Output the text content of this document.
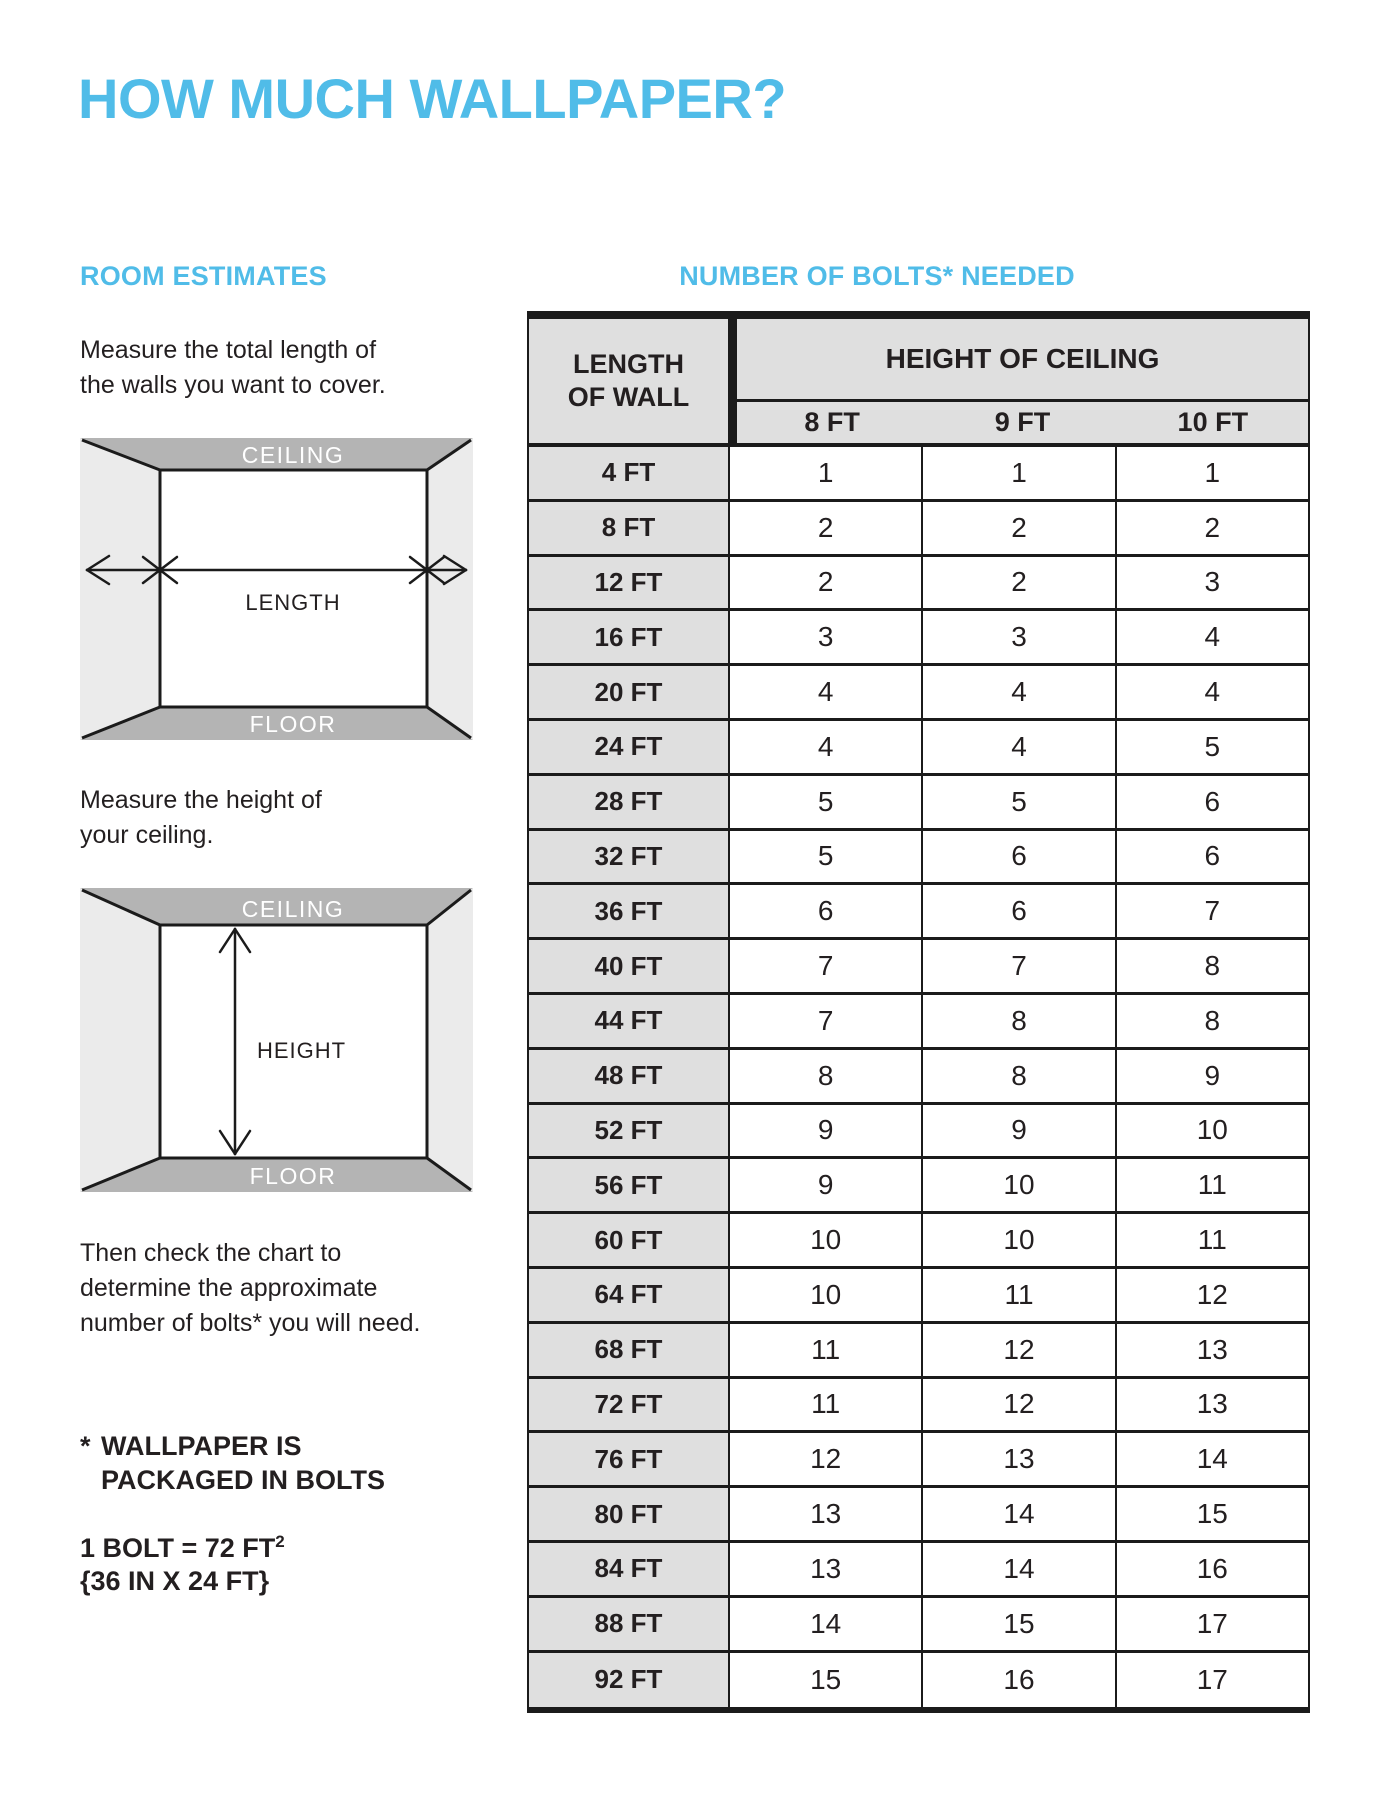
HOW MUCH WALLPAPER?
ROOM ESTIMATES	NUMBER OF BOLTS* NEEDED
Measure the total length of
the walls you want to cover.
CEILING
FLOOR
LENGTH
Measure the height of
your ceiling.
CEILING
FLOOR
HEIGHT
Then check the chart to
determine the approximate
number of bolts* you will need.
* WALLPAPER IS
PACKAGED IN BOLTS
1 BOLT = 72 $FT^2$
{36 IN X 24 FT}
LENGTH
OF WALL
HEIGHT OF CEILING
8 FT	9 FT	10 FT
4 FT	1	1	1
8 FT	2	2	2
12 FT	2	2	3
16 FT	3	3	4
20 FT	4	4	4
24 FT	4	4	5
28 FT	5	5	6
32 FT	5	6	6
36 FT	6	6	7
40 FT	7	7	8
44 FT	7	8	8
48 FT	8	8	9
52 FT	9	9	10
56 FT	9	10	11
60 FT	10	10	11
64 FT	10	11	12
68 FT	11	12	13
72 FT	11	12	13
76 FT	12	13	14
80 FT	13	14	15
84 FT	13	14	16
88 FT	14	15	17
92 FT	15	16	17
